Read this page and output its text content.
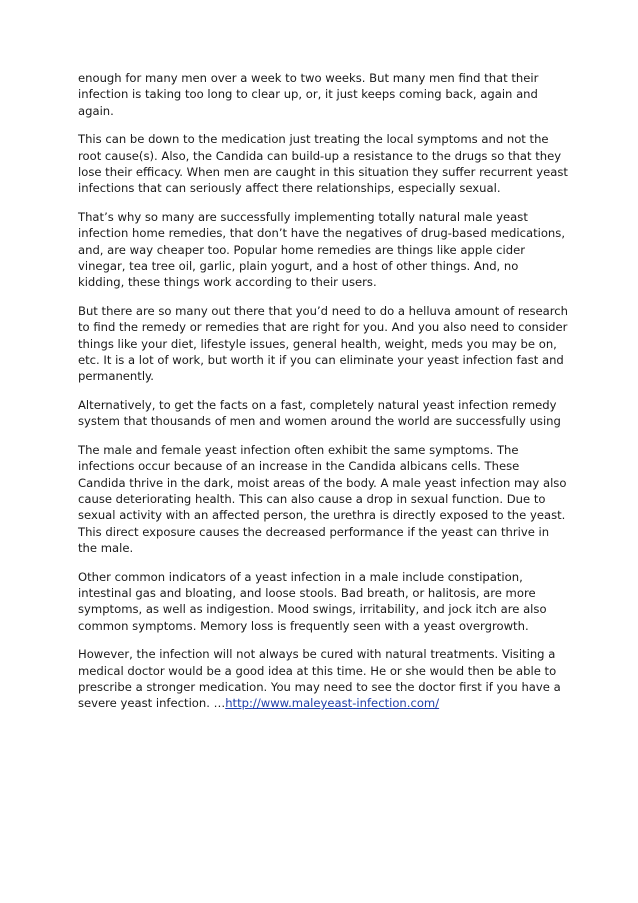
enough for many men over a week to two weeks. But many men find that their infection is taking too long to clear up, or, it just keeps coming back, again and again.

This can be down to the medication just treating the local symptoms and not the root cause(s). Also, the Candida can build-up a resistance to the drugs so that they lose their efficacy. When men are caught in this situation they suffer recurrent yeast infections that can seriously affect there relationships, especially sexual.

That’s why so many are successfully implementing totally natural male yeast infection home remedies, that don’t have the negatives of drug-based medications, and, are way cheaper too. Popular home remedies are things like apple cider vinegar, tea tree oil, garlic, plain yogurt, and a host of other things. And, no kidding, these things work according to their users.

But there are so many out there that you’d need to do a helluva amount of research to find the remedy or remedies that are right for you. And you also need to consider things like your diet, lifestyle issues, general health, weight, meds you may be on, etc. It is a lot of work, but worth it if you can eliminate your yeast infection fast and permanently.

Alternatively, to get the facts on a fast, completely natural yeast infection remedy system that thousands of men and women around the world are successfully using

The male and female yeast infection often exhibit the same symptoms. The infections occur because of an increase in the Candida albicans cells. These Candida thrive in the dark, moist areas of the body. A male yeast infection may also cause deteriorating health. This can also cause a drop in sexual function. Due to sexual activity with an affected person, the urethra is directly exposed to the yeast. This direct exposure causes the decreased performance if the yeast can thrive in the male.

Other common indicators of a yeast infection in a male include constipation, intestinal gas and bloating, and loose stools. Bad breath, or halitosis, are more symptoms, as well as indigestion. Mood swings, irritability, and jock itch are also common symptoms. Memory loss is frequently seen with a yeast overgrowth.

However, the infection will not always be cured with natural treatments. Visiting a medical doctor would be a good idea at this time. He or she would then be able to prescribe a stronger medication. You may need to see the doctor first if you have a severe yeast infection. …http://www.maleyeast-infection.com/
